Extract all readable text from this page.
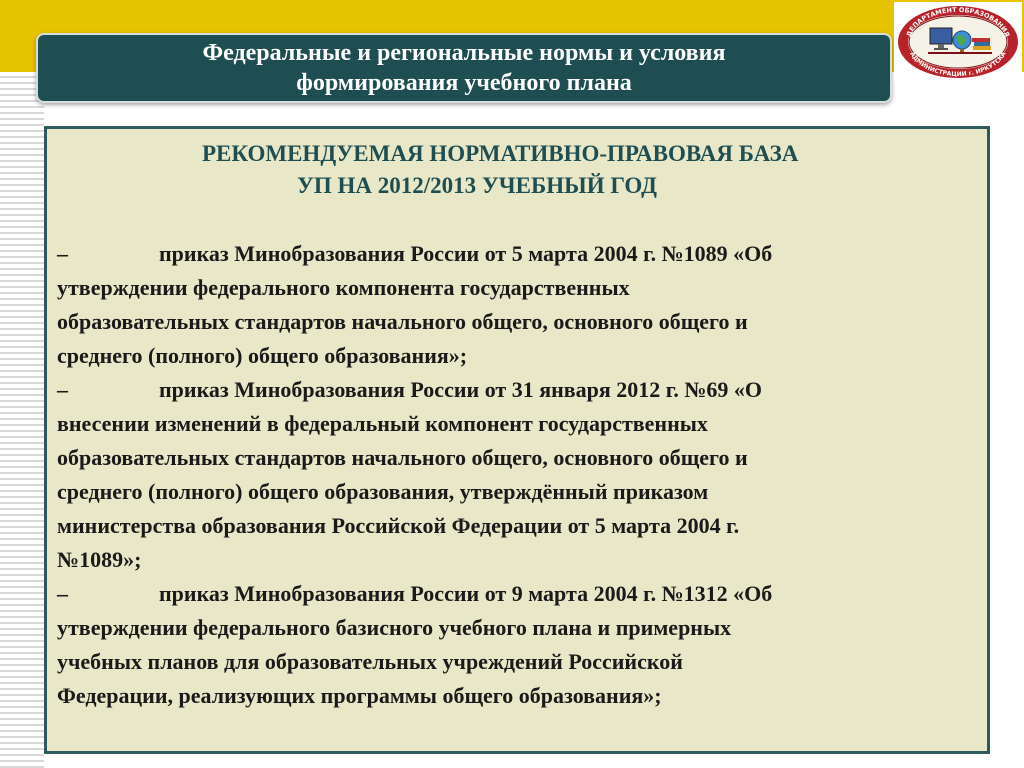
Федеральные и региональные нормы и условия
формирования учебного плана
ДЕПАРТАМЕНТ ОБРАЗОВАНИЯ
АДМИНИСТРАЦИИ г. ИРКУТСКА
РЕКОМЕНДУЕМАЯ НОРМАТИВНО-ПРАВОВАЯ БАЗА
УП НА 2012/2013 УЧЕБНЫЙ ГОД
–	приказ Минобразования России от 5 марта 2004 г. №1089 «Об
утверждении федерального компонента государственных
образовательных стандартов начального общего, основного общего и
среднего (полного) общего образования»;
–	приказ Минобразования России от 31 января 2012 г. №69 «О
внесении изменений в федеральный компонент государственных
образовательных стандартов начального общего, основного общего и
среднего (полного) общего образования, утверждённый приказом
министерства образования Российской Федерации от 5 марта 2004 г.
№1089»;
–	приказ Минобразования России от 9 марта 2004 г. №1312 «Об
утверждении федерального базисного учебного плана и примерных
учебных планов для образовательных учреждений Российской
Федерации, реализующих программы общего образования»;
